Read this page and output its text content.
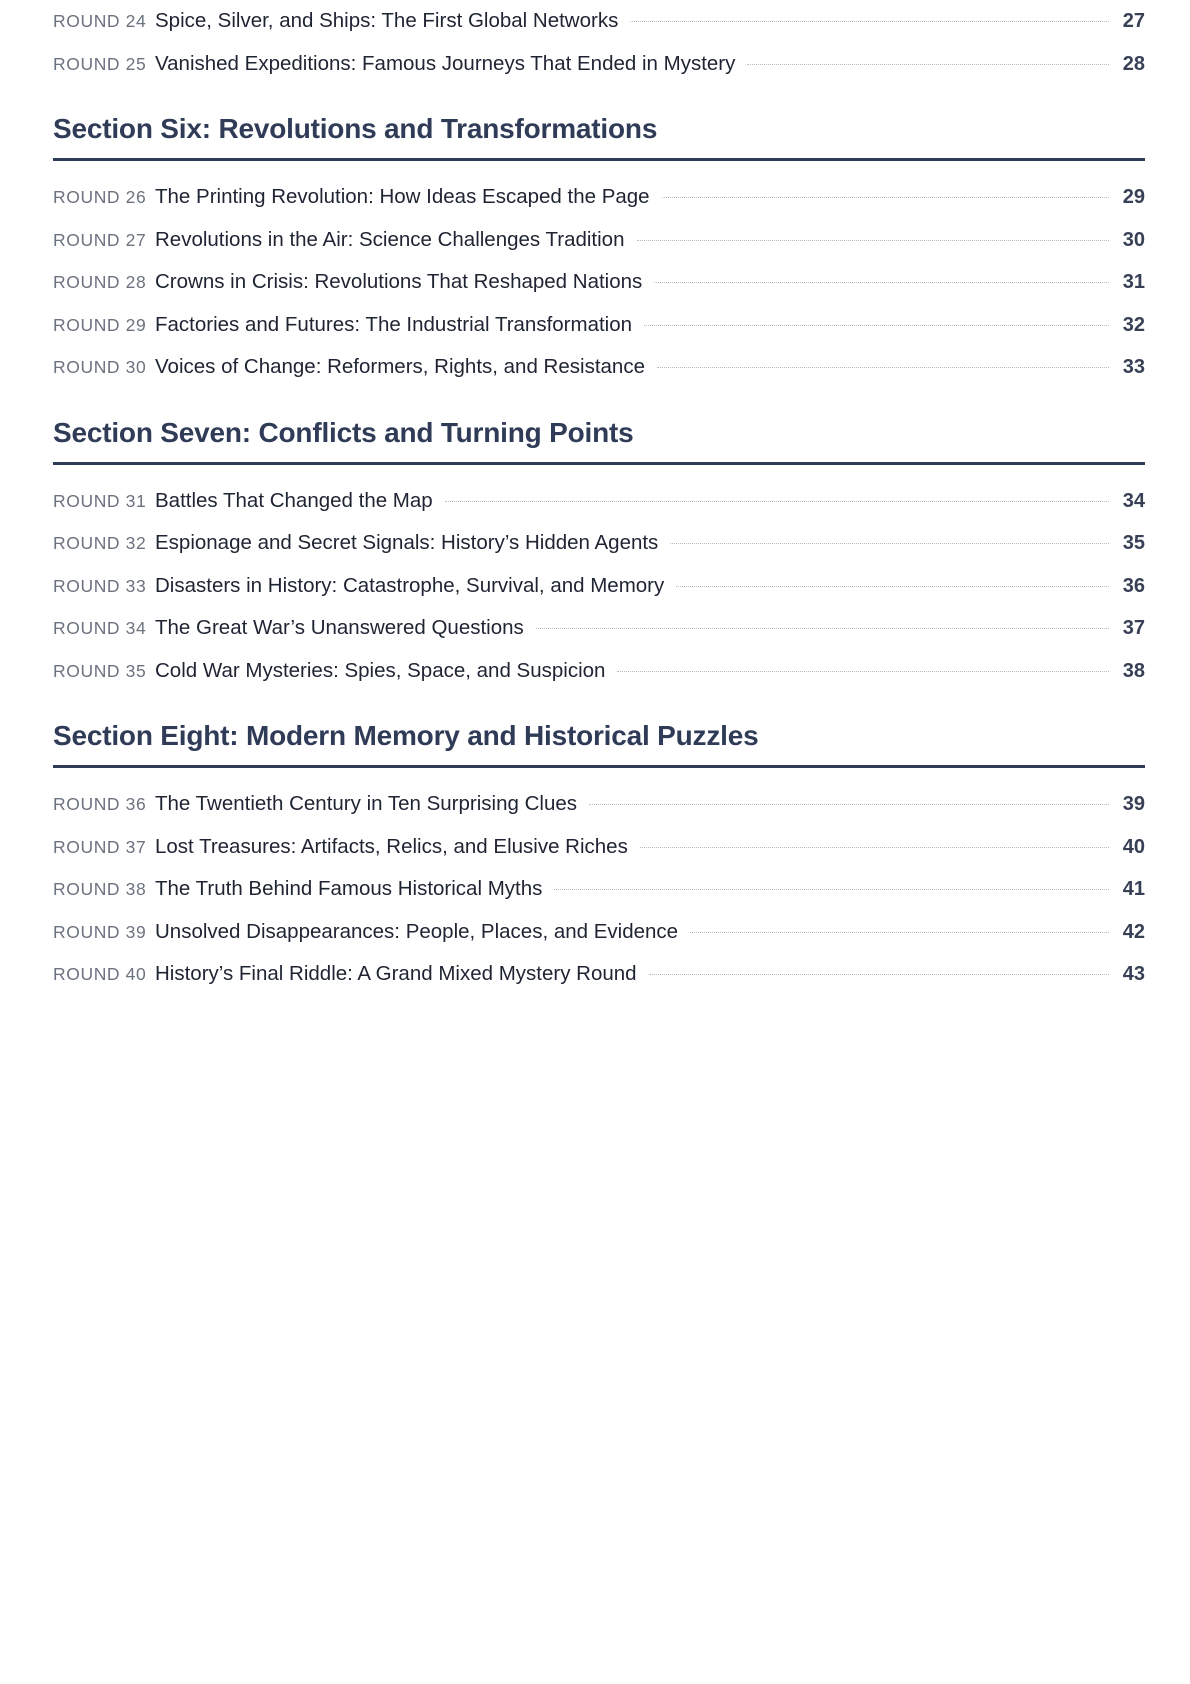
ROUND 24 Spice, Silver, and Ships: The First Global Networks	27
ROUND 25 Vanished Expeditions: Famous Journeys That Ended in Mystery	28
Section Six: Revolutions and Transformations
ROUND 26 The Printing Revolution: How Ideas Escaped the Page	29
ROUND 27 Revolutions in the Air: Science Challenges Tradition	30
ROUND 28 Crowns in Crisis: Revolutions That Reshaped Nations	31
ROUND 29 Factories and Futures: The Industrial Transformation	32
ROUND 30 Voices of Change: Reformers, Rights, and Resistance	33
Section Seven: Conflicts and Turning Points
ROUND 31 Battles That Changed the Map	34
ROUND 32 Espionage and Secret Signals: History’s Hidden Agents	35
ROUND 33 Disasters in History: Catastrophe, Survival, and Memory	36
ROUND 34 The Great War’s Unanswered Questions	37
ROUND 35 Cold War Mysteries: Spies, Space, and Suspicion	38
Section Eight: Modern Memory and Historical Puzzles
ROUND 36 The Twentieth Century in Ten Surprising Clues	39
ROUND 37 Lost Treasures: Artifacts, Relics, and Elusive Riches	40
ROUND 38 The Truth Behind Famous Historical Myths	41
ROUND 39 Unsolved Disappearances: People, Places, and Evidence	42
ROUND 40 History’s Final Riddle: A Grand Mixed Mystery Round	43
